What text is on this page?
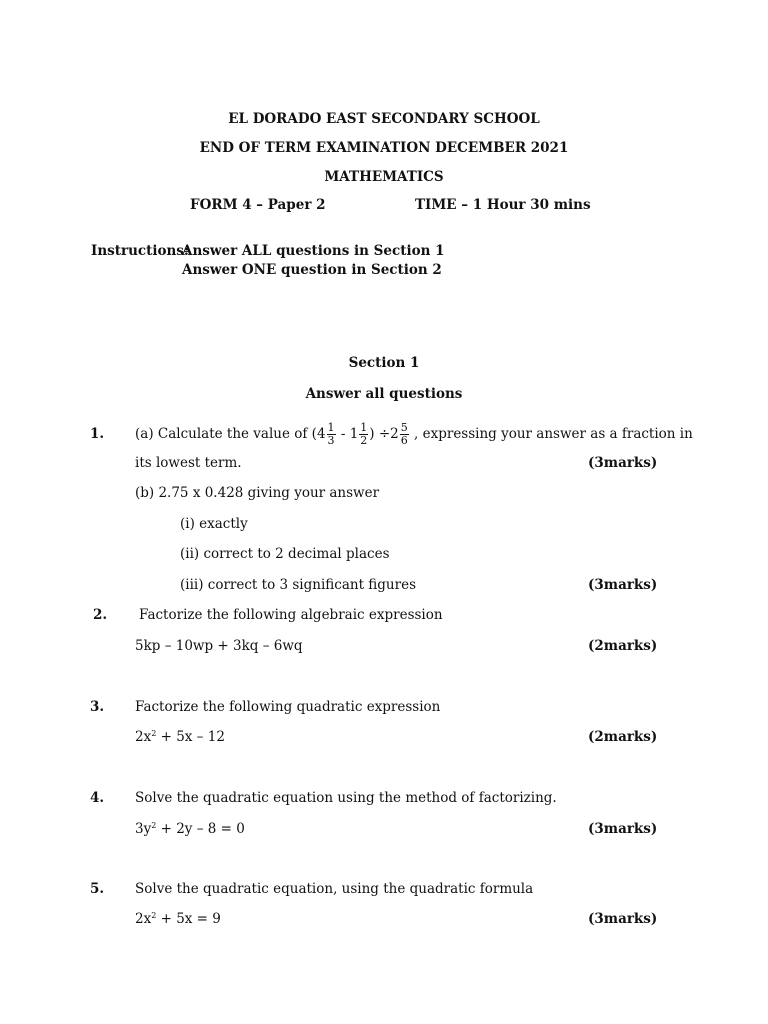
EL DORADO EAST SECONDARY SCHOOL
END OF TERM EXAMINATION DECEMBER 2021
MATHEMATICS
FORM 4 – Paper 2	TIME – 1 Hour 30 mins
Instructions:
Answer ALL questions in Section 1
Answer ONE question in Section 2
Section 1
Answer all questions
1. (a) Calculate the value of ($4 \frac{1}{3} - 1 \frac{1}{2}$ ) $\div 2 \frac{5}{6}$ , expressing your answer as a fraction in
its lowest term.	(3marks)
(b) 2.75 x 0.428 giving your answer
(i) exactly
(ii) correct to 2 decimal places
(iii) correct to 3 significant figures	(3marks)
2. Factorize the following algebraic expression
5kp – 10wp + 3kq – 6wq	(2marks)
3. Factorize the following quadratic expression
$2x^2 + 5x - 12$	(2marks)
4. Solve the quadratic equation using the method of factorizing.
$3y^2 + 2y - 8 = 0$	(3marks)
5. Solve the quadratic equation, using the quadratic formula
$2x^2 + 5x = 9$	(3marks)
